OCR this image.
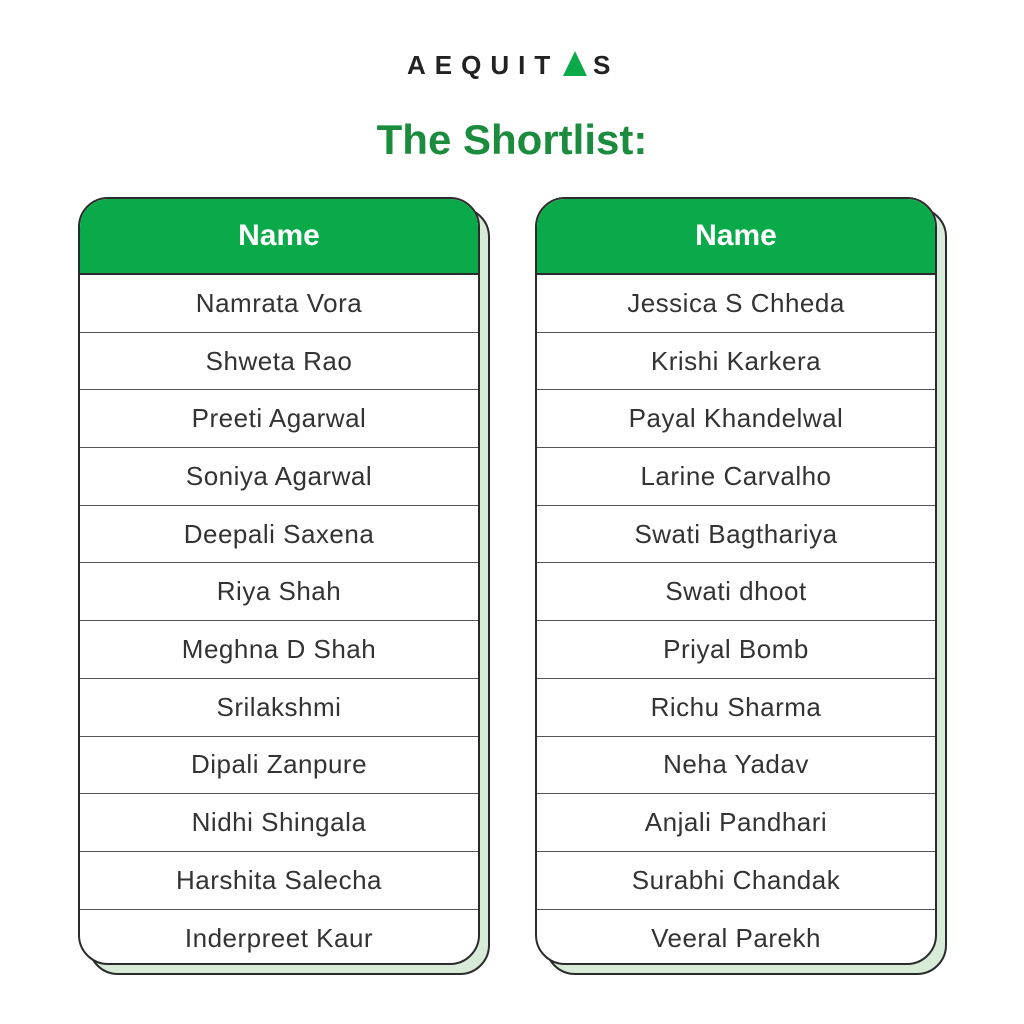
AEQUIT S
The Shortlist:
Name
Namrata Vora
Shweta Rao
Preeti Agarwal
Soniya Agarwal
Deepali Saxena
Riya Shah
Meghna D Shah
Srilakshmi
Dipali Zanpure
Nidhi Shingala
Harshita Salecha
Inderpreet Kaur
Name
Jessica S Chheda
Krishi Karkera
Payal Khandelwal
Larine Carvalho
Swati Bagthariya
Swati dhoot
Priyal Bomb
Richu Sharma
Neha Yadav
Anjali Pandhari
Surabhi Chandak
Veeral Parekh
